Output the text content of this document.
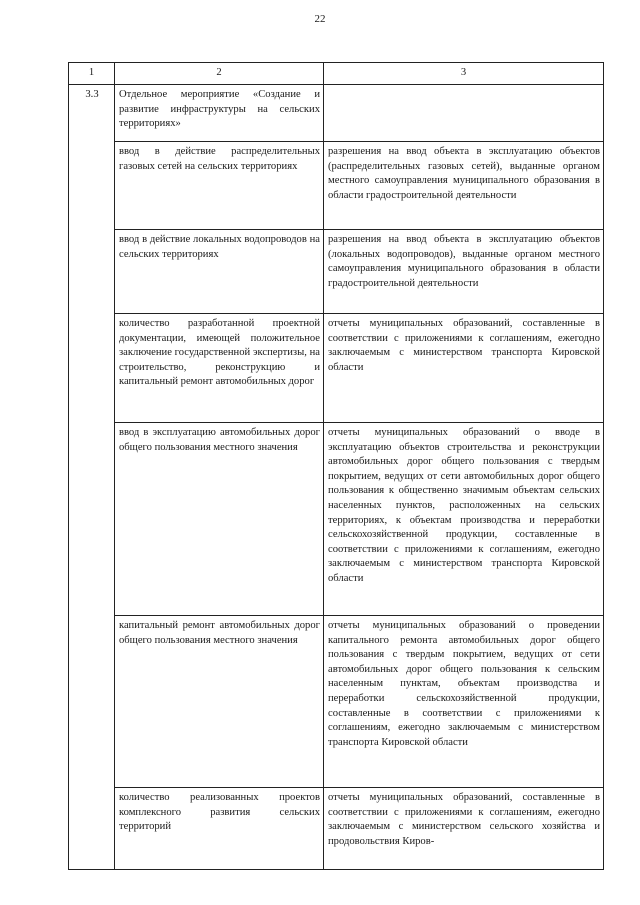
22
1	2	3
3.3	Отдельное мероприятие «Создание и развитие инфраструктуры на сельских территориях»	
	ввод в действие распределительных газовых сетей на сельских территориях	разрешения на ввод объекта в эксплуатацию объектов (распределительных газовых сетей), выданные органом местного самоуправления муниципального образования в области градостроительной деятельности
	ввод в действие локальных водопроводов на сельских территориях	разрешения на ввод объекта в эксплуатацию объектов (локальных водопроводов), выданные органом местного самоуправления муниципального образования в области градостроительной деятельности
	количество разработанной проектной документации, имеющей положительное заключение государственной экспертизы, на строительство, реконструкцию и капитальный ремонт автомобильных дорог	отчеты муниципальных образований, составленные в соответствии с приложениями к соглашениям, ежегодно заключаемым с министерством транспорта Кировской области
	ввод в эксплуатацию автомобильных дорог общего пользования местного значения	отчеты муниципальных образований о вводе в эксплуатацию объектов строительства и реконструкции автомобильных дорог общего пользования с твердым покрытием, ведущих от сети автомобильных дорог общего пользования к общественно значимым объектам сельских населенных пунктов, расположенных на сельских территориях, к объектам производства и переработки сельскохозяйственной продукции, составленные в соответствии с приложениями к соглашениям, ежегодно заключаемым с министерством транспорта Кировской области
	капитальный ремонт автомобильных дорог общего пользования местного значения	отчеты муниципальных образований о проведении капитального ремонта автомобильных дорог общего пользования с твердым покрытием, ведущих от сети автомобильных дорог общего пользования к сельским населенным пунктам, объектам производства и переработки сельскохозяйственной продукции, составленные в соответствии с приложениями к соглашениям, ежегодно заключаемым с министерством транспорта Кировской области
	количество реализованных проектов комплексного развития сельских территорий	отчеты муниципальных образований, составленные в соответствии с приложениями к соглашениям, ежегодно заключаемым с министерством сельского хозяйства и продовольствия Киров-
